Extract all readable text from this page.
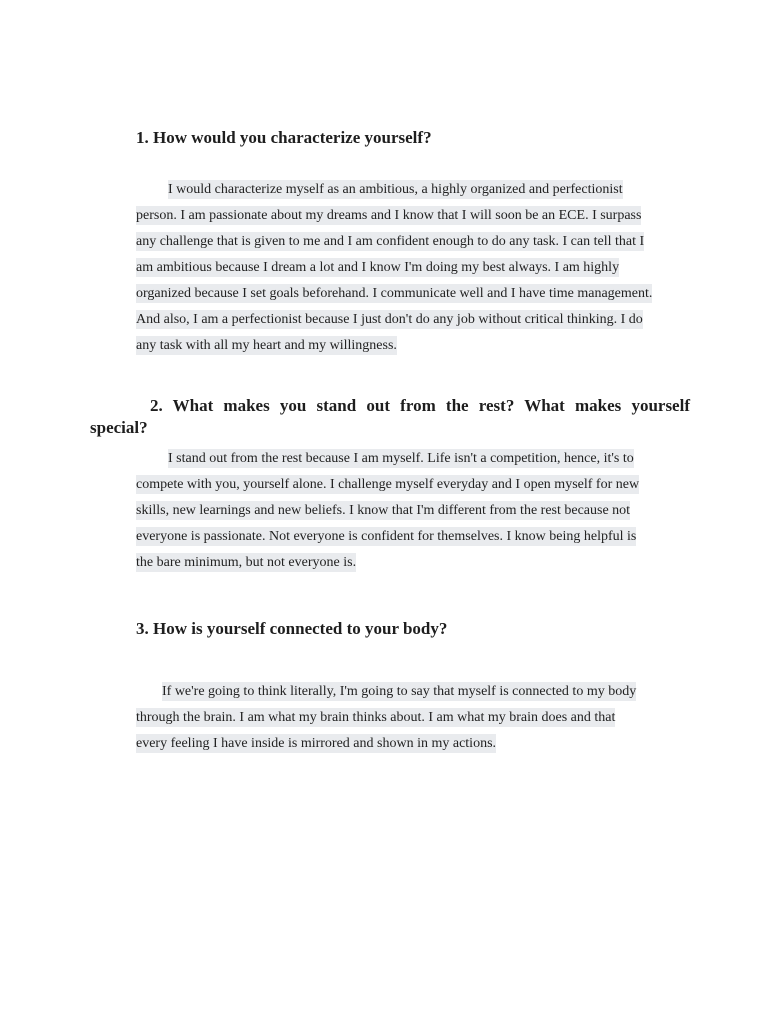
1. How would you characterize yourself?
I would characterize myself as an ambitious, a highly organized and perfectionist
person. I am passionate about my dreams and I know that I will soon be an ECE. I surpass
any challenge that is given to me and I am confident enough to do any task. I can tell that I
am ambitious because I dream a lot and I know I'm doing my best always. I am highly
organized because I set goals beforehand. I communicate well and I have time management.
And also, I am a perfectionist because I just don't do any job without critical thinking. I do
any task with all my heart and my willingness.
2. What makes you stand out from the rest? What makes yourself
special?
I stand out from the rest because I am myself. Life isn't a competition, hence, it's to
compete with you, yourself alone. I challenge myself everyday and I open myself for new
skills, new learnings and new beliefs. I know that I'm different from the rest because not
everyone is passionate. Not everyone is confident for themselves. I know being helpful is
the bare minimum, but not everyone is.
3. How is yourself connected to your body?
If we're going to think literally, I'm going to say that myself is connected to my body
through the brain. I am what my brain thinks about. I am what my brain does and that
every feeling I have inside is mirrored and shown in my actions.
